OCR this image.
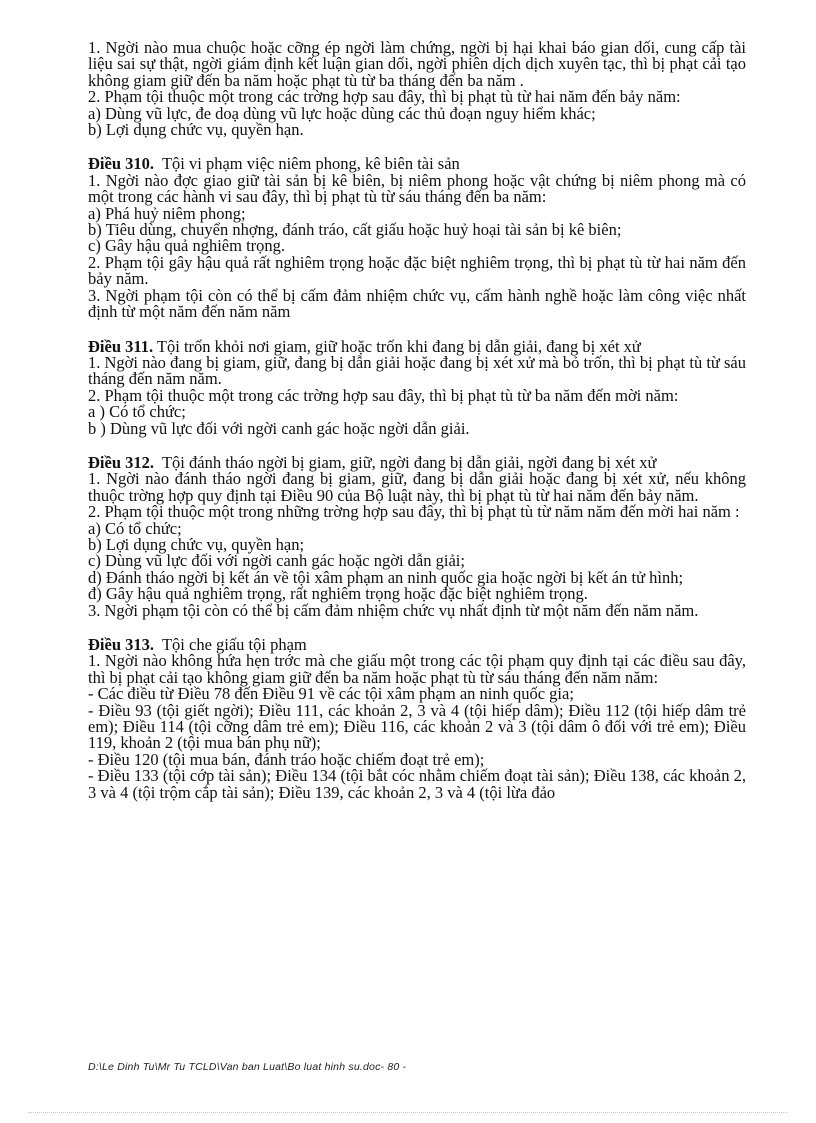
1. Ngời nào mua chuộc hoặc cỡng ép ngời làm chứng, ngời bị hại khai báo gian dối, cung cấp tài liệu sai sự thật, ngời giám định kết luận gian dối, ngời phiên dịch dịch xuyên tạc, thì bị phạt cải tạo không giam giữ đến ba năm hoặc phạt tù từ ba tháng đến ba năm .
2. Phạm tội thuộc một trong các trờng hợp sau đây, thì bị phạt tù từ hai năm đến bảy năm:
a) Dùng vũ lực, đe doạ dùng vũ lực hoặc dùng các thủ đoạn nguy hiểm khác;
b) Lợi dụng chức vụ, quyền hạn.
Điều 310. Tội vi phạm việc niêm phong, kê biên tài sản
1. Ngời nào đợc giao giữ tài sản bị kê biên, bị niêm phong hoặc vật chứng bị niêm phong mà có một trong các hành vi sau đây, thì bị phạt tù từ sáu tháng đến ba năm:
a) Phá huỷ niêm phong;
b) Tiêu dùng, chuyển nhợng, đánh tráo, cất giấu hoặc huỷ hoại tài sản bị kê biên;
c) Gây hậu quả nghiêm trọng.
2. Phạm tội gây hậu quả rất nghiêm trọng hoặc đặc biệt nghiêm trọng, thì bị phạt tù từ hai năm đến bảy năm.
3. Ngời phạm tội còn có thể bị cấm đảm nhiệm chức vụ, cấm hành nghề hoặc làm công việc nhất định từ một năm đến năm năm
Điều 311. Tội trốn khỏi nơi giam, giữ hoặc trốn khi đang bị dẫn giải, đang bị xét xử
1. Ngời nào đang bị giam, giữ, đang bị dẫn giải hoặc đang bị xét xử mà bỏ trốn, thì bị phạt tù từ sáu tháng đến năm năm.
2. Phạm tội thuộc một trong các trờng hợp sau đây, thì bị phạt tù từ ba năm đến mời năm:
a ) Có tổ chức;
b ) Dùng vũ lực đối với ngời canh gác hoặc ngời dẫn giải.
Điều 312. Tội đánh tháo ngời bị giam, giữ, ngời đang bị dẫn giải, ngời đang bị xét xử
1. Ngời nào đánh tháo ngời đang bị giam, giữ, đang bị dẫn giải hoặc đang bị xét xử, nếu không thuộc trờng hợp quy định tại Điều 90 của Bộ luật này, thì bị phạt tù từ hai năm đến bảy năm.
2. Phạm tội thuộc một trong những trờng hợp sau đây, thì bị phạt tù từ năm năm đến mời hai năm :
a) Có tổ chức;
b) Lợi dụng chức vụ, quyền hạn;
c) Dùng vũ lực đối với ngời canh gác hoặc ngời dẫn giải;
d) Đánh tháo ngời bị kết án về tội xâm phạm an ninh quốc gia hoặc ngời bị kết án tử hình;
đ) Gây hậu quả nghiêm trọng, rất nghiêm trọng hoặc đặc biệt nghiêm trọng.
3. Ngời phạm tội còn có thể bị cấm đảm nhiệm chức vụ nhất định từ một năm đến năm năm.
Điều 313. Tội che giấu tội phạm
1. Ngời nào không hứa hẹn trớc mà che giấu một trong các tội phạm quy định tại các điều sau đây, thì bị phạt cải tạo không giam giữ đến ba năm hoặc phạt tù từ sáu tháng đến năm năm:
- Các điều từ Điều 78 đến Điều 91 về các tội xâm phạm an ninh quốc gia;
- Điều 93 (tội giết ngời); Điều 111, các khoản 2, 3 và 4 (tội hiếp dâm); Điều 112 (tội hiếp dâm trẻ em); Điều 114 (tội cỡng dâm trẻ em); Điều 116, các khoản 2 và 3 (tội dâm ô đối với trẻ em); Điều 119, khoản 2 (tội mua bán phụ nữ);
- Điều 120 (tội mua bán, đánh tráo hoặc chiếm đoạt trẻ em);
- Điều 133 (tội cớp tài sản); Điều 134 (tội bắt cóc nhằm chiếm đoạt tài sản); Điều 138, các khoản 2, 3 và 4 (tội trộm cắp tài sản); Điều 139, các khoản 2, 3 và 4 (tội lừa đảo
D:\Le Dinh Tu\Mr Tu TCLD\Van ban Luat\Bo luat hinh su.doc- 80 -
